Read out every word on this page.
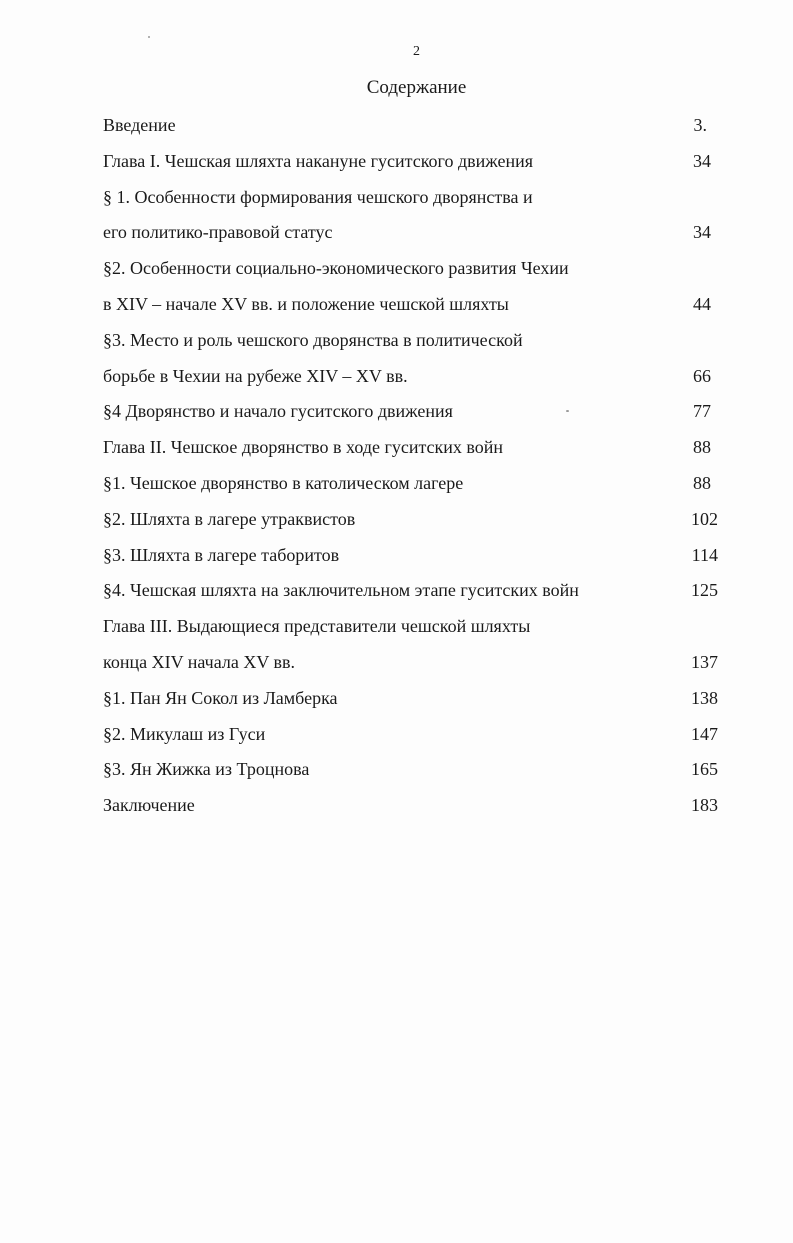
2
Содержание
Введение	3.
Глава I. Чешская шляхта накануне гуситского движения	34
§ 1. Особенности формирования чешского дворянства и
его политико-правовой статус	34
§2. Особенности социально-экономического развития Чехии
в XIV – начале XV вв. и положение чешской шляхты	44
§3. Место и роль чешского дворянства в политической
борьбе в Чехии на рубеже XIV – XV вв.	66
§4 Дворянство и начало гуситского движения	77
Глава II. Чешское дворянство в ходе гуситских войн	88
§1. Чешское дворянство в католическом лагере	88
§2. Шляхта в лагере утраквистов	102
§3. Шляхта в лагере таборитов	114
§4. Чешская шляхта на заключительном этапе гуситских войн	125
Глава III. Выдающиеся представители чешской шляхты
конца XIV начала XV вв.	137
§1. Пан Ян Сокол из Ламберка	138
§2. Микулаш из Гуси	147
§3. Ян Жижка из Троцнова	165
Заключение	183
